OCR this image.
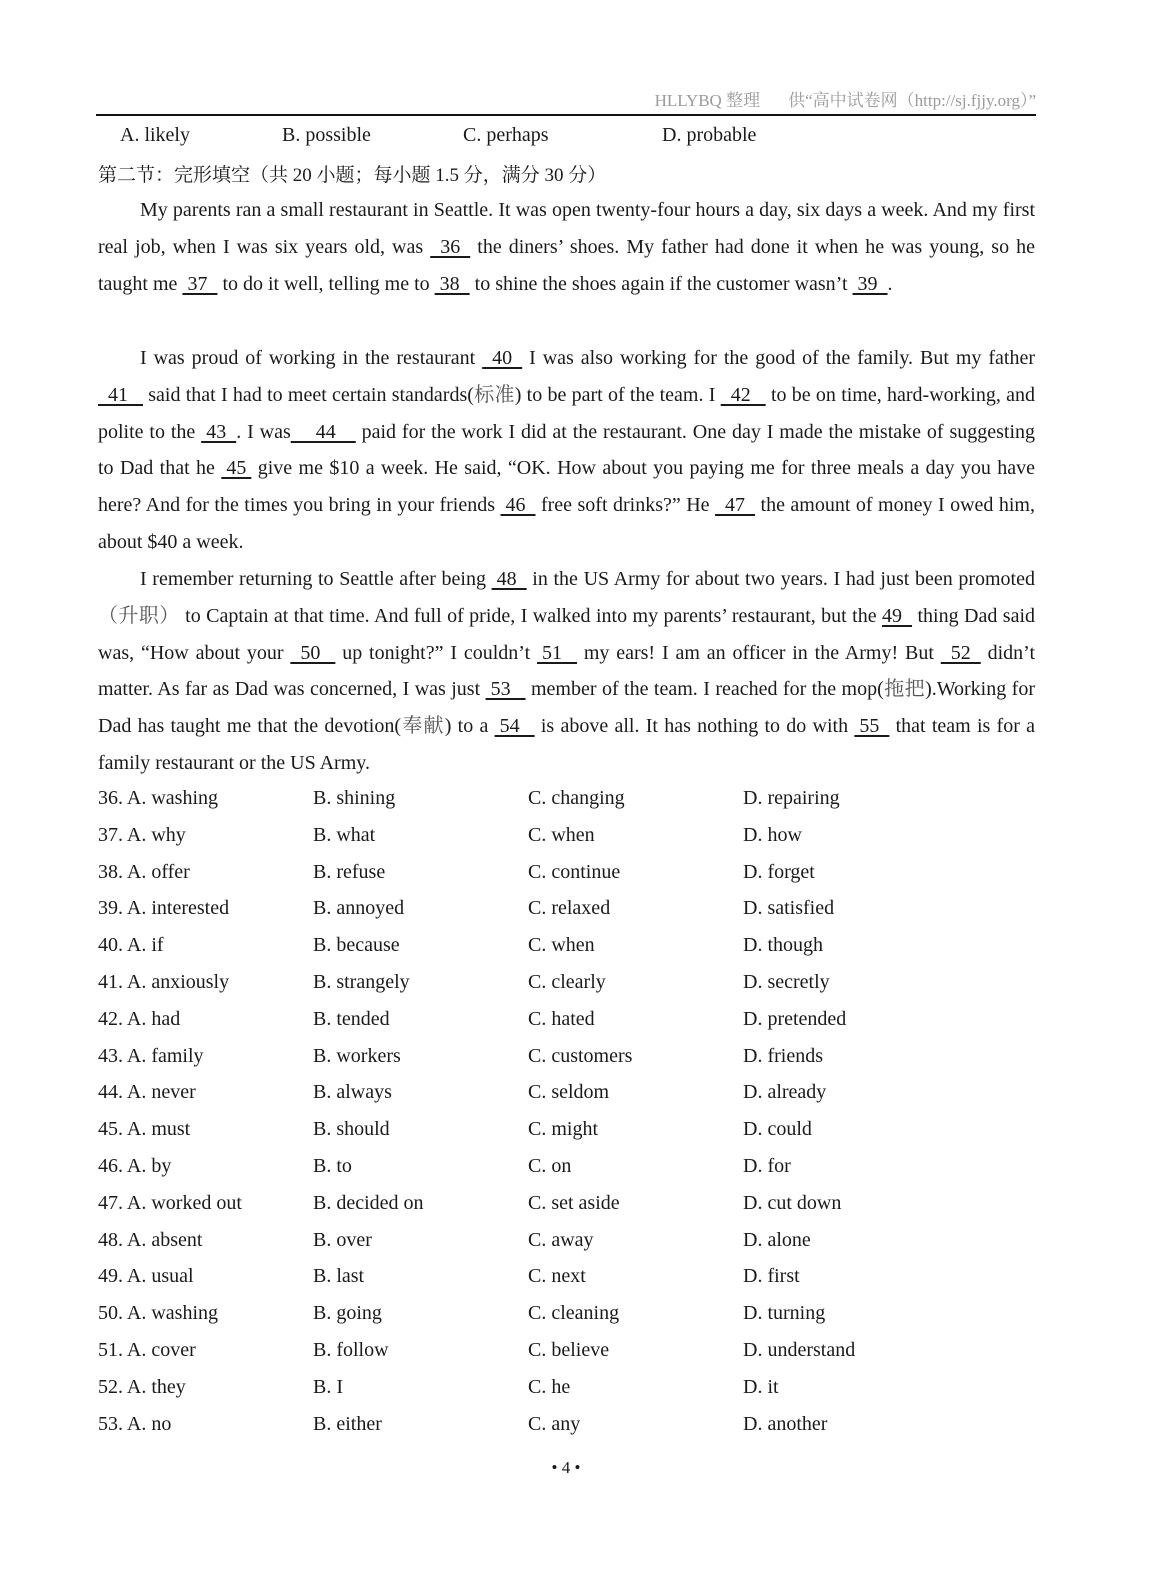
HLLYBQ 整理 供“高中试卷网（http://sj.fjjy.org）”
A. likely	B. possible	C. perhaps	D. probable
第二节：完形填空（共 20 小题；每小题 1.5 分，满分 30 分）
My parents ran a small restaurant in Seattle. It was open twenty-four hours a day, six days a week. And my first real job, when I was six years old, was   36   the diners’ shoes. My father had done it when he was young, so he taught me  37   to do it well, telling me to  38   to shine the shoes again if the customer wasn’t  39  .
I was proud of working in the restaurant   40   I was also working for the good of the family. But my father   41    said that I had to meet certain standards(标准) to be part of the team. I   42    to be on time, hard-working, and polite to the  43  . I was     44     paid for the work I did at the restaurant. One day I made the mistake of suggesting to Dad that he  45  give me $10 a week. He said, “OK. How about you paying me for three meals a day you have here? And for the times you bring in your friends  46   free soft drinks?” He   47   the amount of money I owed him, about $40 a week.
I remember returning to Seattle after being  48   in the US Army for about two years. I had just been promoted（升职） to Captain at that time. And full of pride, I walked into my parents’ restaurant, but the 49   thing Dad said was, “How about your   50    up tonight?” I couldn’t  51    my ears! I am an officer in the Army! But   52   didn’t matter. As far as Dad was concerned, I was just  53    member of the team. I reached for the mop(拖把).Working for Dad has taught me that the devotion(奉献) to a  54    is above all. It has nothing to do with  55   that team is for a family restaurant or the US Army.
36. A. washing	B. shining	C. changing	D. repairing
37. A. why	B. what	C. when	D. how
38. A. offer	B. refuse	C. continue	D. forget
39. A. interested	B. annoyed	C. relaxed	D. satisfied
40. A. if	B. because	C. when	D. though
41. A. anxiously	B. strangely	C. clearly	D. secretly
42. A. had	B. tended	C. hated	D. pretended
43. A. family	B. workers	C. customers	D. friends
44. A. never	B. always	C. seldom	D. already
45. A. must	B. should	C. might	D. could
46. A. by	B. to	C. on	D. for
47. A. worked out	B. decided on	C. set aside	D. cut down
48. A. absent	B. over	C. away	D. alone
49. A. usual	B. last	C. next	D. first
50. A. washing	B. going	C. cleaning	D. turning
51. A. cover	B. follow	C. believe	D. understand
52. A. they	B. I	C. he	D. it
53. A. no	B. either	C. any	D. another
• 4 •
